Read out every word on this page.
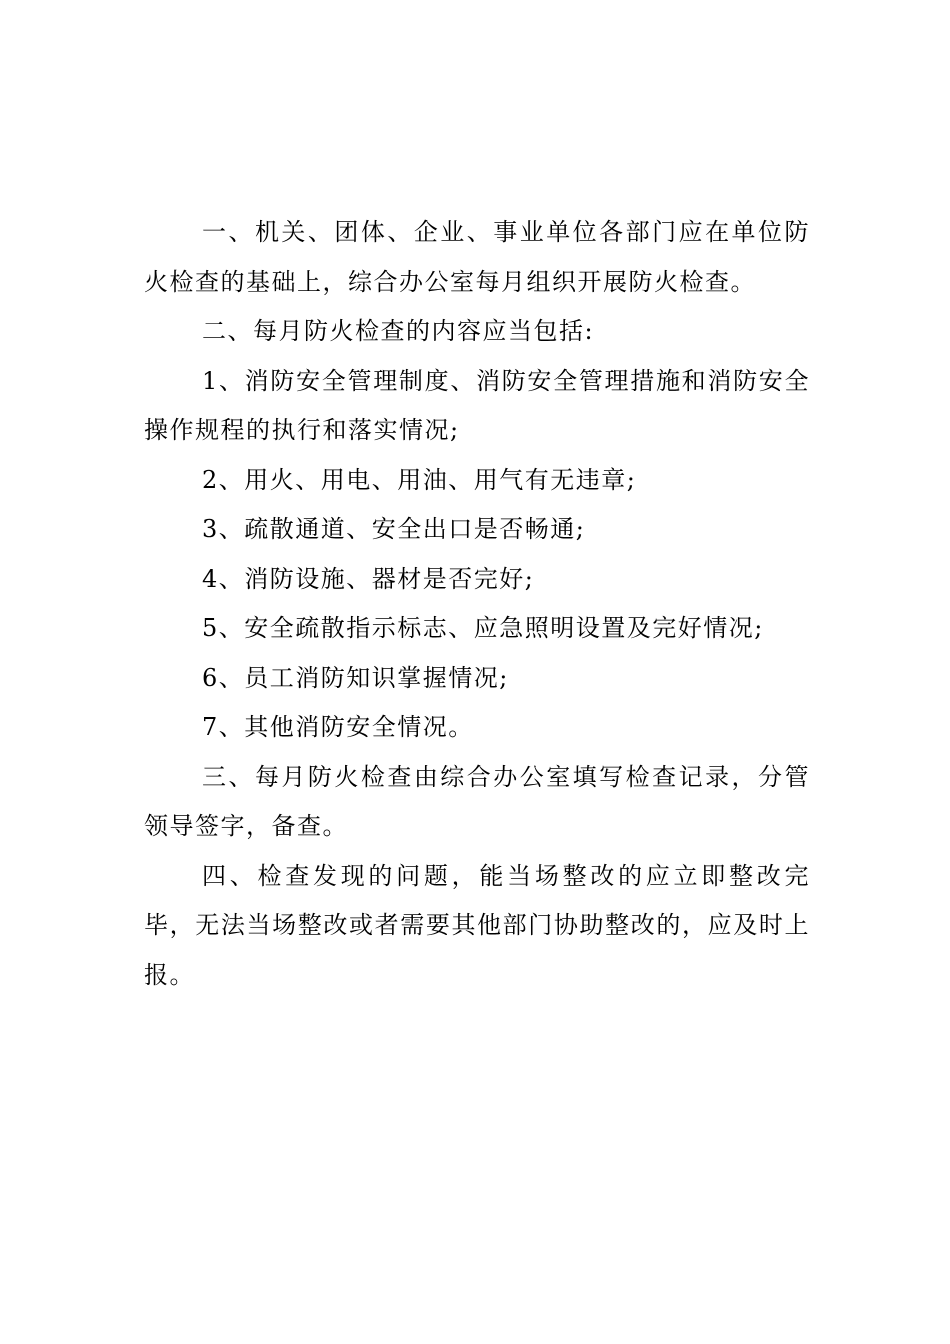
一、机关、团体、企业、事业单位各部门应在单位防火检查的基础上，综合办公室每月组织开展防火检查。

二、每月防火检查的内容应当包括:

1、消防安全管理制度、消防安全管理措施和消防安全操作规程的执行和落实情况;

2、用火、用电、用油、用气有无违章;

3、疏散通道、安全出口是否畅通;

4、消防设施、器材是否完好;

5、安全疏散指示标志、应急照明设置及完好情况;

6、员工消防知识掌握情况;

7、其他消防安全情况。

三、每月防火检查由综合办公室填写检查记录，分管领导签字，备查。

四、检查发现的问题，能当场整改的应立即整改完毕，无法当场整改或者需要其他部门协助整改的，应及时上报。
